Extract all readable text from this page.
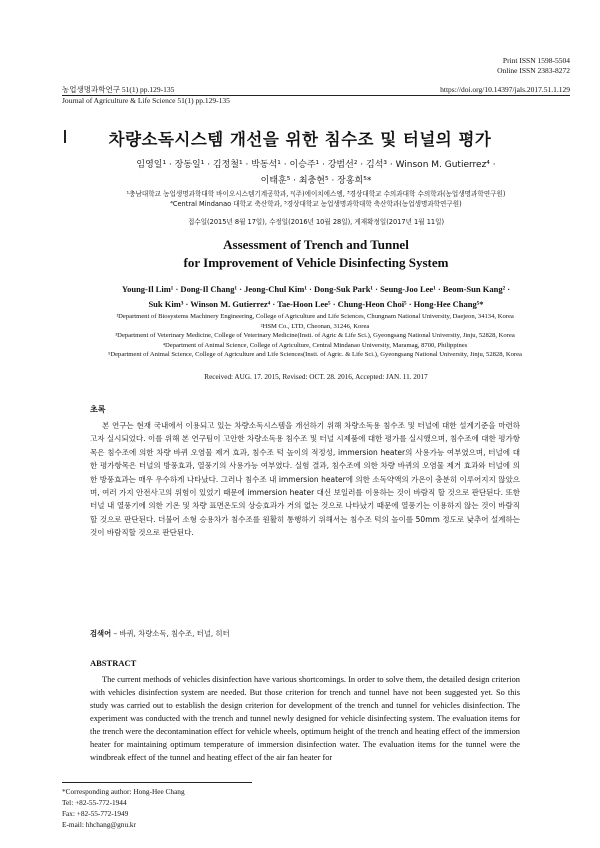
Print ISSN 1598-5504
Online ISSN 2383-8272
농업생명과학연구 51(1) pp.129-135	https://doi.org/10.14397/jals.2017.51.1.129
Journal of Agriculture & Life Science 51(1) pp.129-135
차량소독시스템 개선을 위한 침수조 및 터널의 평가
임영일¹ · 장동일¹ · 김정철¹ · 박동석¹ · 이승주¹ · 강범선² · 김석³ · Winson M. Gutierrez⁴ ·
이태훈⁵ · 최충현⁵ · 장홍희⁵*
¹충남대학교 농업생명과학대학 바이오시스템기계공학과, ²(주)에이치에스엠, ³경상대학교 수의과대학 수의학과(농업생명과학연구원)
⁴Central Mindanao 대학교 축산학과, ⁵경상대학교 농업생명과학대학 축산학과(농업생명과학연구원)
접수일(2015년 8월 17일), 수정일(2016년 10월 28일), 게재확정일(2017년 1월 11일)
Assessment of Trench and Tunnel
for Improvement of Vehicle Disinfecting System
Young-Il Lim¹ · Dong-Il Chang¹ · Jeong-Chul Kim¹ · Dong-Suk Park¹ · Seung-Joo Lee¹ · Beom-Sun Kang² ·
Suk Kim³ · Winson M. Gutierrez⁴ · Tae-Hoon Lee⁵ · Chung-Heon Choi⁵ · Hong-Hee Chang⁵*
¹Department of Biosystems Machinery Engineering, College of Agriculture and Life Sciences, Chungnam National University, Daejeon, 34134, Korea
²HSM Co., LTD, Cheonan, 31246, Korea
³Department of Veterinary Medicine, College of Veterinary Medicine(Insti. of Agric & Life Sci.), Gyeongsang National University, Jinju, 52828, Korea
⁴Department of Animal Science, College of Agriculture, Central Mindanao University, Maramag, 8700, Philippines
⁵Department of Animal Science, College of Agriculture and Life Sciences(Insti. of Agric. & Life Sci.), Gyeongsang National University, Jinju, 52828, Korea
Received: AUG. 17. 2015, Revised: OCT. 28. 2016, Accepted: JAN. 11. 2017
초록
본 연구는 현재 국내에서 이용되고 있는 차량소독시스템을 개선하기 위해 차량소독용 침수조 및 터널에 대한 설계기준을 마련하고자 실시되었다. 이를 위해 본 연구팀이 고안한 차량소독용 침수조 및 터널 시제품에 대한 평가를 실시했으며, 침수조에 대한 평가항목은 침수조에 의한 차량 바퀴 오염물 제거 효과, 침수조 턱 높이의 적정성, immersion heater의 사용가능 여부였으며, 터널에 대한 평가항목은 터널의 방풍효과, 열풍기의 사용가능 여부였다. 실험 결과, 침수조에 의한 차량 바퀴의 오염물 제거 효과와 터널에 의한 방풍효과는 매우 우수하게 나타났다. 그러나 침수조 내 immersion heater에 의한 소독약액의 가온이 충분히 이루어지지 않았으며, 여러 가지 안전사고의 위험이 있었기 때문에 immersion heater 대신 보일러를 이용하는 것이 바람직 할 것으로 판단된다. 또한 터널 내 열풍기에 의한 기온 및 차량 표면온도의 상승효과가 거의 없는 것으로 나타났기 때문에 열풍기는 이용하지 않는 것이 바람직할 것으로 판단된다. 더불어 소형 승용차가 침수조를 원활히 통행하기 위해서는 침수조 턱의 높이를 50mm 정도로 낮추어 설계하는 것이 바람직할 것으로 판단된다.
검색어 – 바퀴, 차량소독, 침수조, 터널, 히터
ABSTRACT
The current methods of vehicles disinfection have various shortcomings. In order to solve them, the detailed design criterion with vehicles disinfection system are needed. But those criterion for trench and tunnel have not been suggested yet. So this study was carried out to establish the design criterion for development of the trench and tunnel for vehicles disinfection. The experiment was conducted with the trench and tunnel newly designed for vehicle disinfecting system. The evaluation items for the trench were the decontamination effect for vehicle wheels, optimum height of the trench and heating effect of the immersion heater for maintaining optimum temperature of immersion disinfection water. The evaluation items for the tunnel were the windbreak effect of the tunnel and heating effect of the air fan heater for
*Corresponding author: Hong-Hee Chang
Tel: +82-55-772-1944
Fax: +82-55-772-1949
E-mail: hhchang@gnu.kr
